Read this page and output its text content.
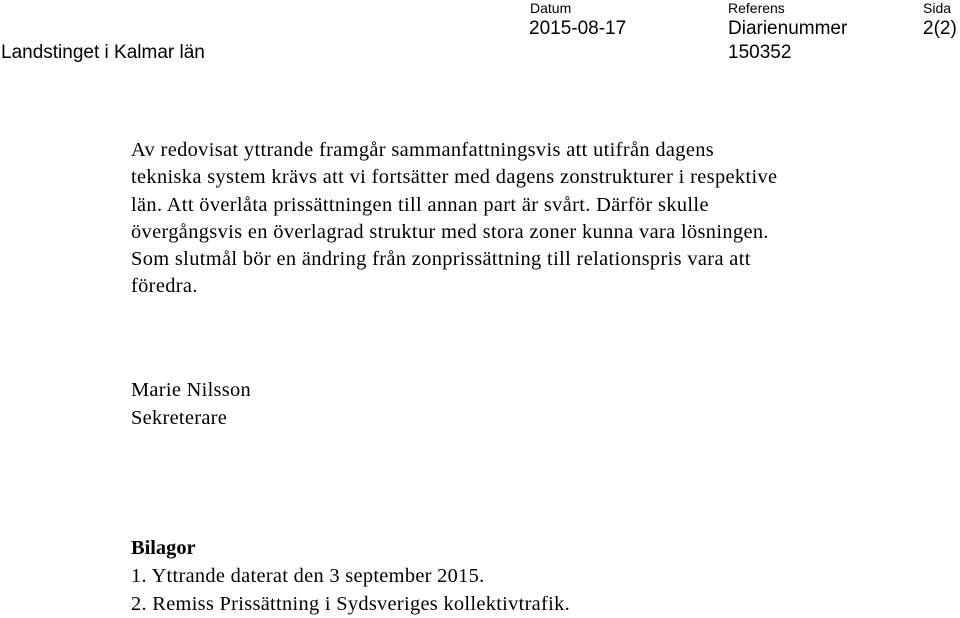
Landstinget i Kalmar län
Datum
2015-08-17
Referens
Diarienummer
150352
Sida
2(2)
Av redovisat yttrande framgår sammanfattningsvis att utifrån dagens
tekniska system krävs att vi fortsätter med dagens zonstrukturer i respektive
län. Att överlåta prissättningen till annan part är svårt. Därför skulle
övergångsvis en överlagrad struktur med stora zoner kunna vara lösningen.
Som slutmål bör en ändring från zonprissättning till relationspris vara att
föredra.
Marie Nilsson
Sekreterare
Bilagor
1. Yttrande daterat den 3 september 2015.
2. Remiss Prissättning i Sydsveriges kollektivtrafik.
